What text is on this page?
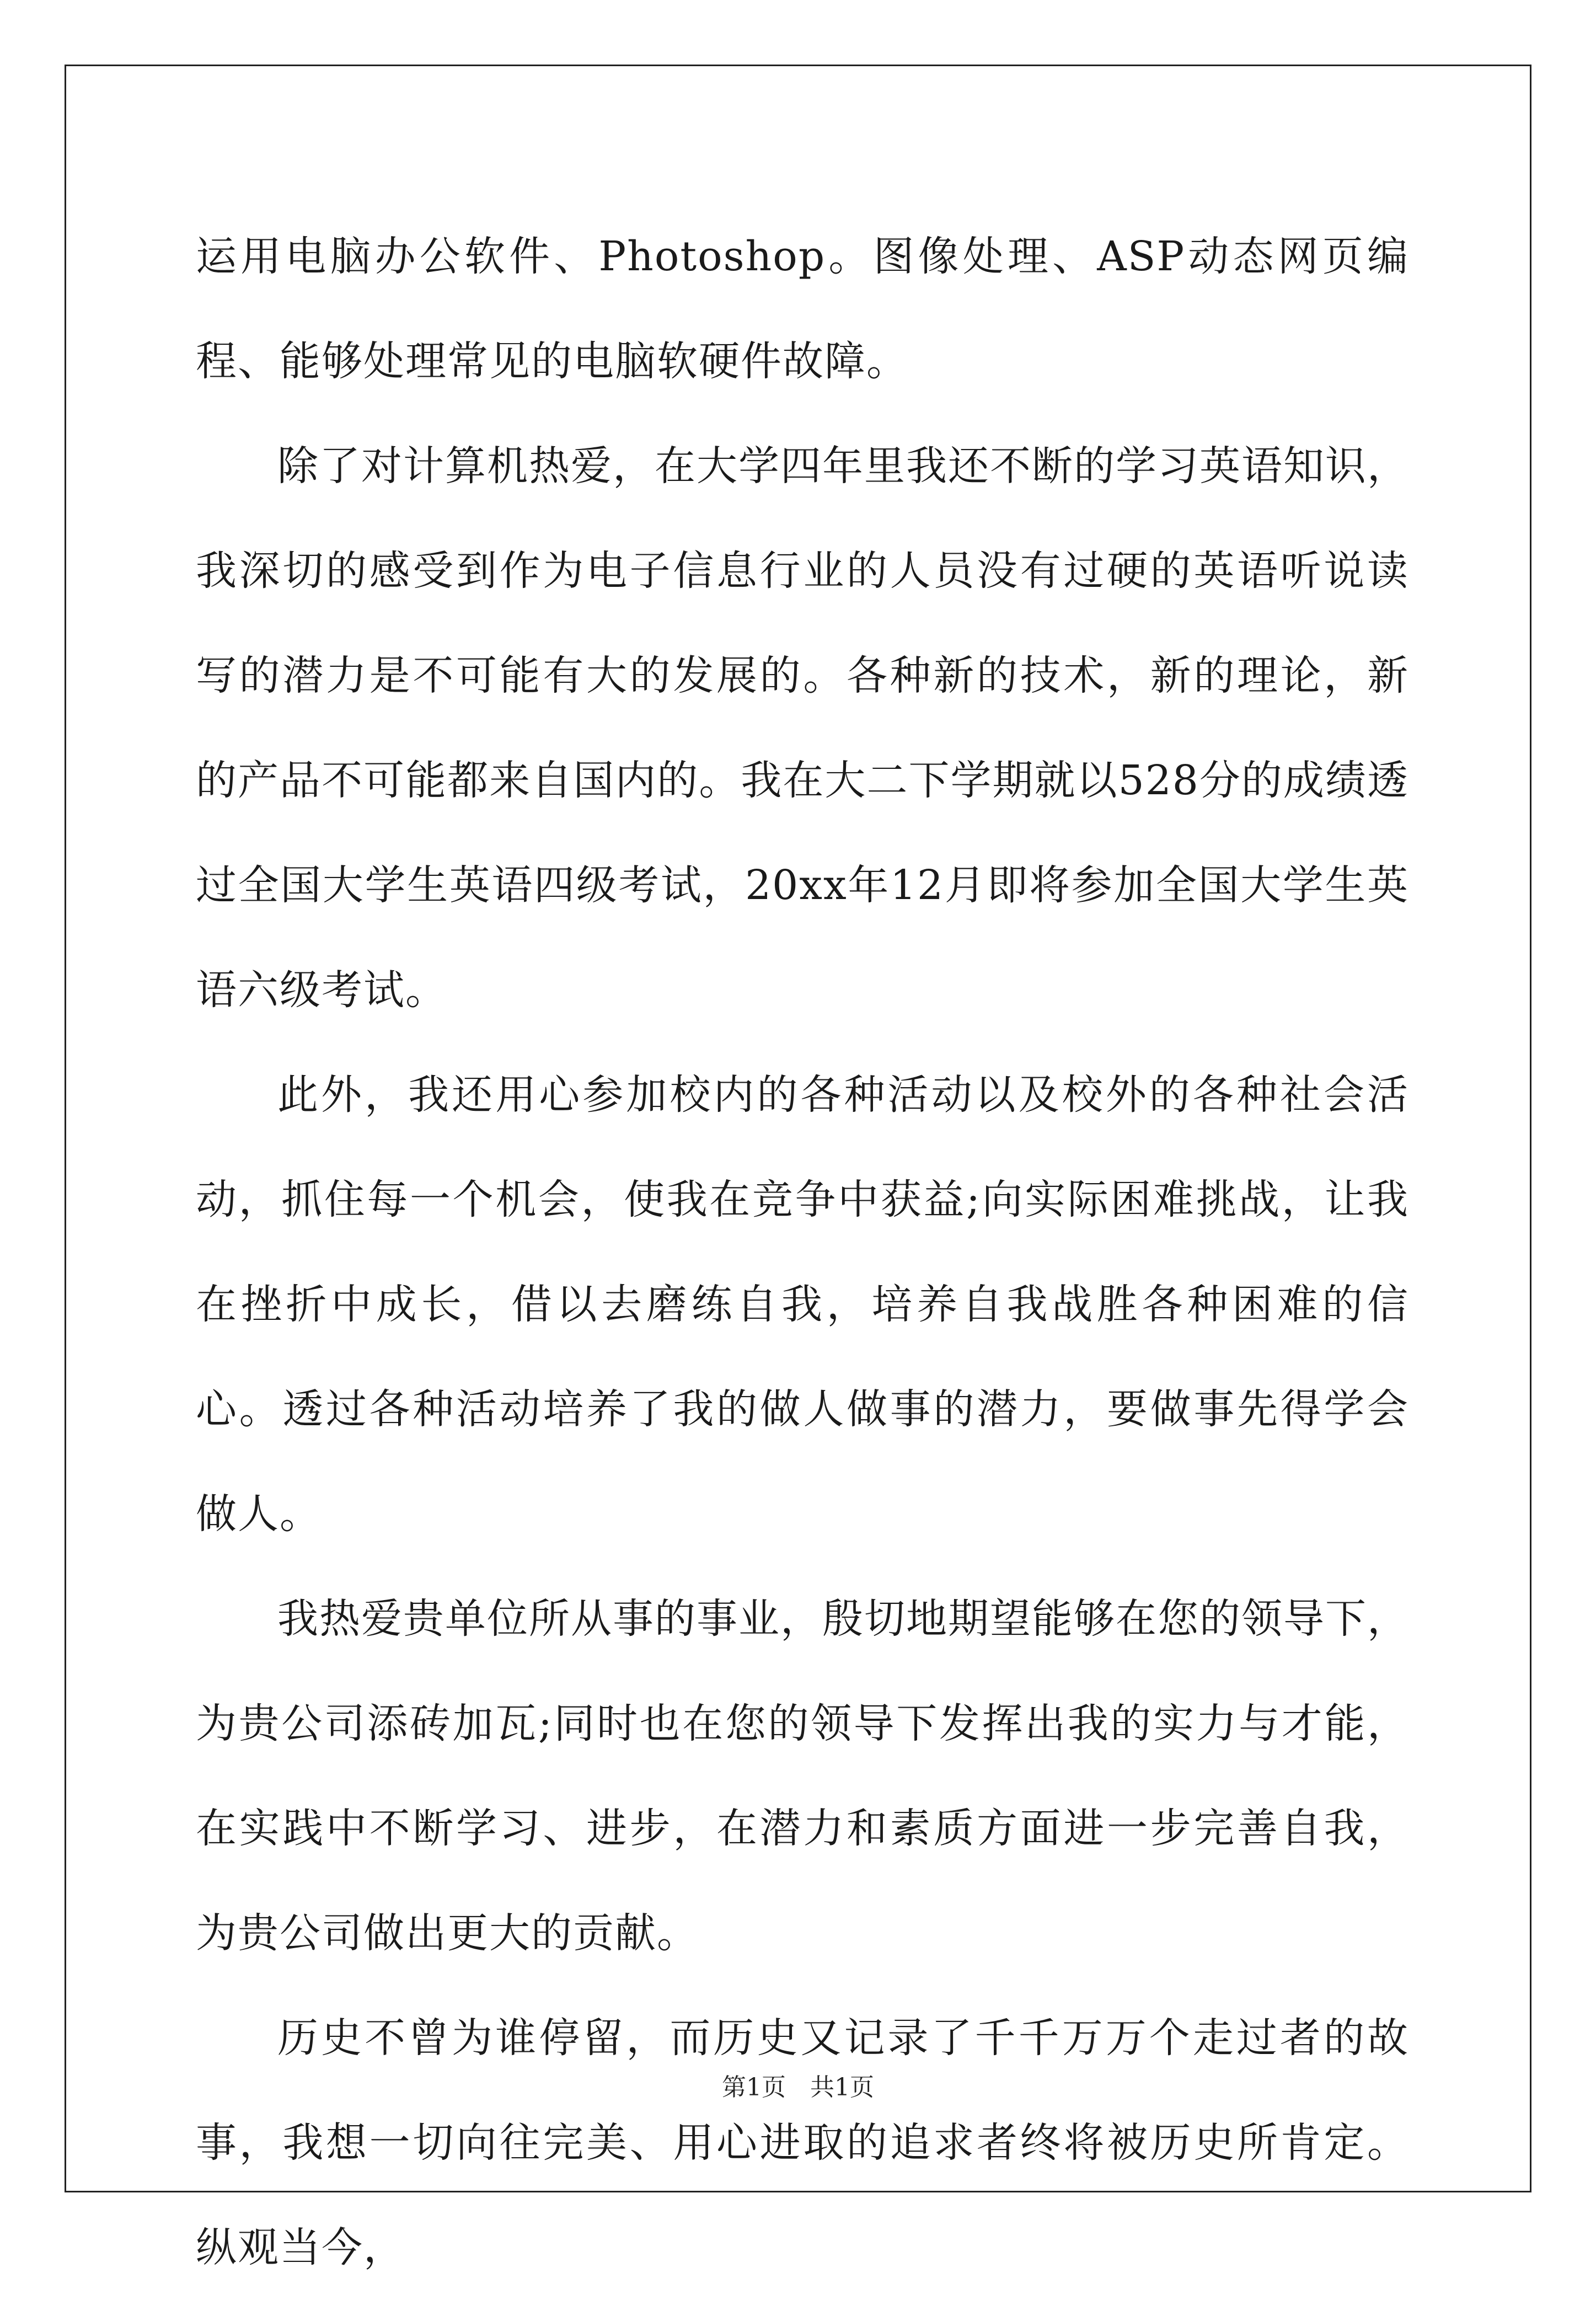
运用电脑办公软件、Photoshop。图像处理、ASP动态网页编程、能够处理常见的电脑软硬件故障。

除了对计算机热爱，在大学四年里我还不断的学习英语知识，我深切的感受到作为电子信息行业的人员没有过硬的英语听说读写的潜力是不可能有大的发展的。各种新的技术，新的理论，新的产品不可能都来自国内的。我在大二下学期就以528分的成绩透过全国大学生英语四级考试，20xx年12月即将参加全国大学生英语六级考试。

此外，我还用心参加校内的各种活动以及校外的各种社会活动，抓住每一个机会，使我在竞争中获益;向实际困难挑战，让我在挫折中成长，借以去磨练自我，培养自我战胜各种困难的信心。透过各种活动培养了我的做人做事的潜力，要做事先得学会做人。

我热爱贵单位所从事的事业，殷切地期望能够在您的领导下，为贵公司添砖加瓦;同时也在您的领导下发挥出我的实力与才能，在实践中不断学习、进步，在潜力和素质方面进一步完善自我，为贵公司做出更大的贡献。

历史不曾为谁停留，而历史又记录了千千万万个走过者的故事，我想一切向往完美、用心进取的追求者终将被历史所肯定。纵观当今，

第1页 共1页
